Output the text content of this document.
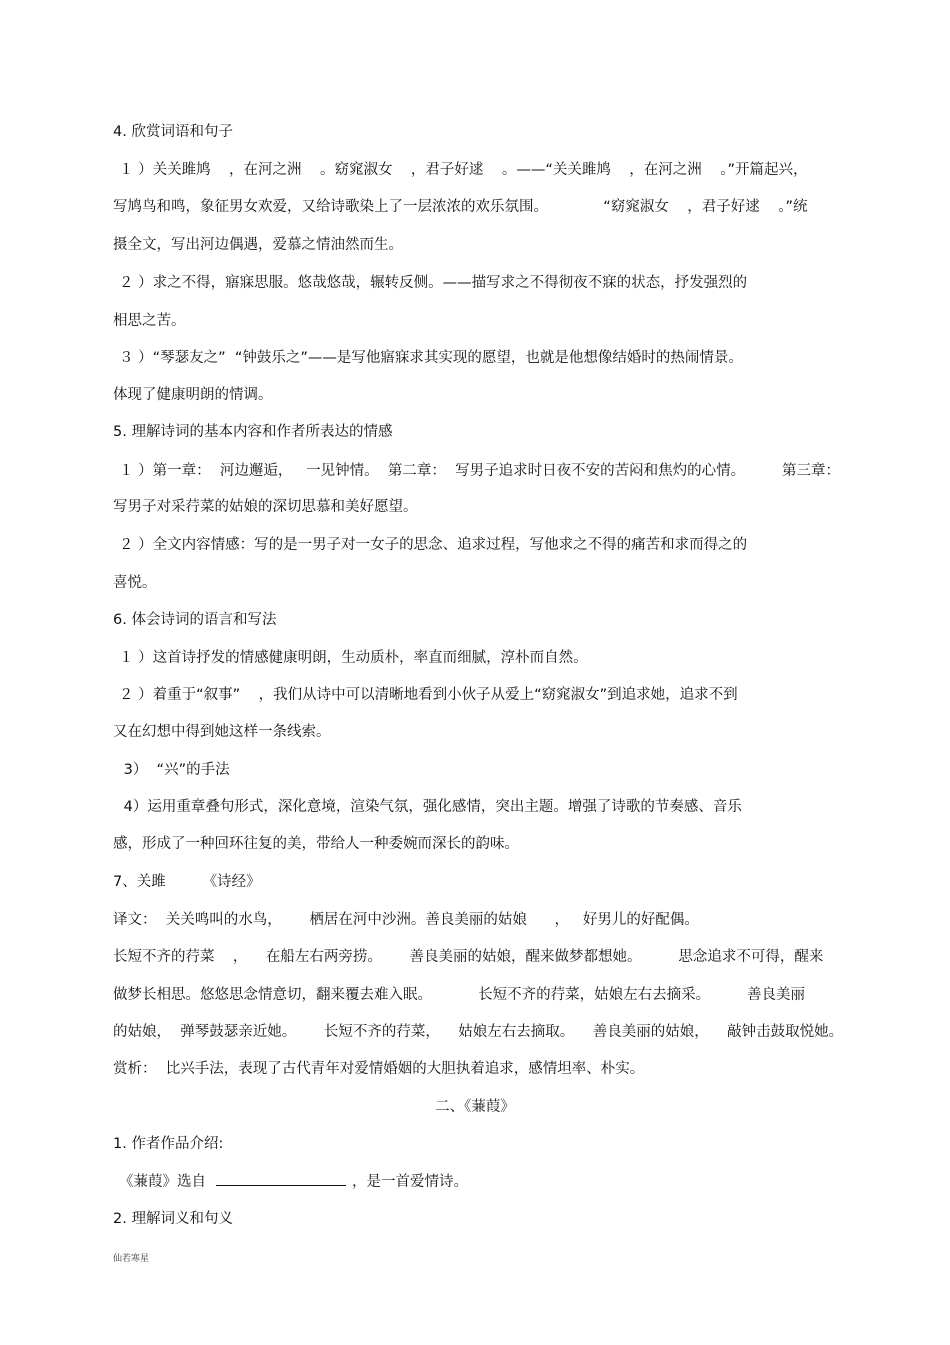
4. 欣赏词语和句子
１ ）关关雎鸠    ，在河之洲    。窈窕淑女    ，君子好逑    。——“关关雎鸠    ，在河之洲    。”开篇起兴，
写鸠鸟和鸣，象征男女欢爱，又给诗歌染上了一层浓浓的欢乐氛围。            “窈窕淑女    ，君子好逑    。”统
摄全文，写出河边偶遇，爱慕之情油然而生。
２ ）求之不得，寤寐思服。悠哉悠哉，辗转反侧。——描写求之不得彻夜不寐的状态，抒发强烈的
相思之苦。
３ ）“琴瑟友之”  “钟鼓乐之”——是写他寤寐求其实现的愿望，也就是他想像结婚时的热闹情景。
体现了健康明朗的情调。
5. 理解诗词的基本内容和作者所表达的情感
１ ）第一章：  河边邂逅，   一见钟情。  第二章：  写男子追求时日夜不安的苦闷和焦灼的心情。        第三章：
写男子对采荇菜的姑娘的深切思慕和美好愿望。
２ ）全文内容情感：写的是一男子对一女子的思念、追求过程，写他求之不得的痛苦和求而得之的
喜悦。
6. 体会诗词的语言和写法
１ ）这首诗抒发的情感健康明朗，生动质朴，率直而细腻，淳朴而自然。
２ ）着重于“叙事”    ，我们从诗中可以清晰地看到小伙子从爱上“窈窕淑女”到追求她，追求不到
又在幻想中得到她这样一条线索。
3）  “兴”的手法
4）运用重章叠句形式，深化意境，渲染气氛，强化感情，突出主题。增强了诗歌的节奏感、音乐
感，形成了一种回环往复的美，带给人一种委婉而深长的韵味。
7、关雎        《诗经》
译文：  关关鸣叫的水鸟，      栖居在河中沙洲。善良美丽的姑娘      ，   好男儿的好配偶。
长短不齐的荇菜    ，    在船左右两旁捞。      善良美丽的姑娘，醒来做梦都想她。        思念追求不可得，醒来
做梦长相思。悠悠思念情意切，翻来覆去难入眠。          长短不齐的荇菜，姑娘左右去摘采。        善良美丽
的姑娘，  弹琴鼓瑟亲近她。      长短不齐的荇菜，    姑娘左右去摘取。    善良美丽的姑娘，    敲钟击鼓取悦她。
赏析：  比兴手法，表现了古代青年对爱情婚姻的大胆执着追求，感情坦率、朴实。
二、《蒹葭》
1. 作者作品介绍:
《蒹葭》选自	，是一首爱情诗。
2. 理解词义和句义
仙若寒星
